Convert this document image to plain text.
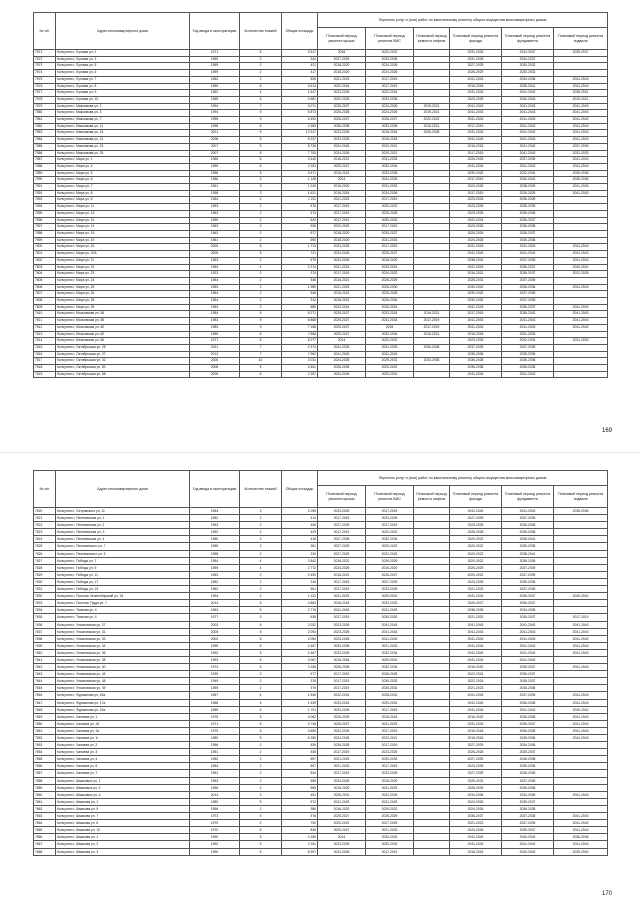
№ п/п	Адрес многоквартирного дома	Год ввода в эксплуатацию	Количество этажей	Общая площадь	Перечень услуг и (или) работ по капитальному ремонту общего имущества многоквартирных домов					
					Плановый период ремонта крыши	Плановый период ремонта ВИС	Плановый период ремонта лифтов	Плановый период ремонта фасада	Плановый период ремонта фундамента	Плановый период ремонта подвала
7571	Колчугино г, Луговая ул, 2	1971	5	3 517	2016	2020-2022		2031-2033	2034-2037	2035-2037
7572	Колчугино г, Луговая ул, 3	1959	2	344	2027-2029	2033-2035		2031-2033	2034-2037	
7573	Колчугино г, Луговая ул, 5	1959	2	421	2018-2020	2024-2026		2027-2029	2030-2032	
7574	Колчугино г, Луговая ул, 6	1959	2	417	2018-2020	2024-2026		2026-2029	2030-2032	
7575	Колчугино г, Луговая ул, 7	1962	2	526	2021-2023	2017-2019		2041-2043	2034-2038	2041-2043
7576	Колчугино г, Луговая ул, 8	1989	5	3 614	2022-2024	2017-2019		2016-2018	2038-2041	2041-2043
7577	Колчугино г, Луговая ул, 9	1962	4	1 547	2023-2025	2022-2024		2041-2043	2041-2043	2038-2041
7578	Колчугино г, Луговая ул, 10	1965	4	2 681	2022-2025	2033-2035		2023-2025	2040-2043	2019-2021
7579	Колчугино г, Максимова ул, 1	1994	7	3 071	2025-2027	2024-2026	2019-2021	2041-2043	2041-2043	2041-2043
7580	Колчугино г, Максимова ул, 3	1994	9	6 873	2026-2028	2024-2026	2019-2021	2041-2043	2041-2043	2041-2043
7581	Колчугино г, Максимова ул, 7	1995	9	4 493	2026-2027	2026-2027	2020-2022	2041-2043	2041-2043	2041-2043
7582	Колчугино г, Максимова ул, 11	1998	9	4 269	2036-2038	2033-2035	2016-2021	2017-2019	2041-2043	2041-2043
7583	Колчугино г, Максимова ул, 15	2001	9	10 317	2023-2025	2016-2018	2026-2028	2041-2043	2041-2043	2041-2043
7584	Колчугино г, Максимова ул, 21	2006	5	5 237	2023-2025	2016-2018		2041-2043	2041-2043	2041-2043
7585	Колчугино г, Максимова ул, 23	2007	5	5 726	2024-2026	2020-2021		2016-2018	2041-2043	2037-2039
7586	Колчугино г, Максимова ул, 25	2007	5	7 705	2024-2026	2020-2021		2017-2019	2041-2043	2031-2033
7587	Колчугино г, Мира ул, 1	1965	5	3 440	2016-2021	2031-2033		2026-2029	2037-2039	2041-2043
7588	Колчугино г, Мира ул, 4	1965	5	3 161	2025-2027	2032-2034		2041-2043	2041-2043	2041-2043
7589	Колчугино г, Мира ул, 5	1958	5	3 671	2016-2021	2033-2035		2030-2032	2032-2034	2035-2036
7590	Колчугино г, Мира ул, 6	1956	2	1 145	2014	2024-2026		2017-2019	2040-2042	2035-2036
7591	Колчугино г, Мира ул, 7	1961	3	1 019	2016-2020	2031-2033		2024-2026	2038-2039	2041-2043
7592	Колчугино г, Мира ул, 8	1958	3	1 621	2016-2018	2024-2026		2017-2019	2026-2029	2041-2043
7593	Колчугино г, Мира ул, 9	1964	2	1 211	2021-2023	2017-2019		2023-2025	2036-2039	
7594	Колчугино г, Мира ул, 11	1963	2	676	2017-2019	2020-2022		2023-2025	2038-2039	
7595	Колчугино г, Мира ул, 13	1963	2	673	2017-2019	2026-2028		2023-2025	2035-2038	
7596	Колчугино г, Мира ул, 14	1959	2	640	2017-2019	2030-2032		2022-2024	2035-2037	
7597	Колчугино г, Мира ул, 14	1963	2	926	2020-2022	2017-2019		2023-2025	2036-2038	
7598	Колчугино г, Мира ул, 15	1962	2	677	2018-2020	2025-2027		2026-2029	2036-2037	
7599	Колчугино г, Мира ул, 19	1961	2	690	2018-2020	2031-2033		2024-2026	2036-2038	
7600	Колчугино г, Мира ул, 20	2000	5	1 713	2023-2025	2017-2019		2041-2043	2041-2043	2041-2043
7601	Колчугино г, Мира ул, 20А	2005	5	721	2024-2026	2026-2027		2041-2043	2041-2043	2041-2043
7602	Колчугино г, Мира ул, 21	1963	2	675	2024-2026	2018-2020		2038-2041	2037-2039	2041-2043
7603	Колчугино г, Мира ул, 22	1964	4	2 374	2021-2023	2029-2031		2041-2043	2036-2037	2040-2042
7604	Колчугино г, Мира ул, 23	1923	2	375	2017-2019	2020-2022		2016-2021	2036-2037	2022-2025
7605	Колчугино г, Мира ул, 24	1964	2	546	2016-2021	2026-2029		2028-2031	2037-2039	
7606	Колчугино г, Мира ул, 25	1963	2	1 989	2021-2023	2026-2030		2040-2042	2035-2036	2041-2043
7607	Колчугино г, Мира ул, 26	1964	2	548	2016-2021	2026-2028		2030-2032	2037-2039	
7608	Колчугино г, Мира ул, 28	1964	2	312	2016-2021	2026-2030		2030-2032	2037-2039	
7609	Колчугино г, Мира ул, 29	1963	2	689	2022-2024	2026-2031		2041-2043	2036-2037	2041-2043
7610	Колчугино г, Московская ул, 56	1984	5	9 271	2025-2027	2023-2024	2016-2021	2017-2019	2036-2042	2041-2043
7611	Колчугино г, Московская ул, 58	1983	9	6 868	2025-2027	2031-2033	2017-2019	2041-2043	2041-2043	2041-2043
7612	Колчугино г, Московская ул, 60	1983	9	7 158	2025-2027	2016	2017-2019	2041-2043	2041-2043	2041-2043
7613	Колчугино г, Московская ул, 62	1985	9	7 868	2025-2027	2032-2034	2016-2021	2016-2018	2031-2033	
7614	Колчугино г, Московская ул, 66	1977	5	6 077	2014	2020-2022		2023-2025	2032-2034	2031-2033
7615	Колчугино г, Октябрьская ул, 25	2011	7	2 374	2024-2026	2031-2033	2036-2038	2037-2039	2037-2039	
7616	Колчугино г, Октябрьская ул, 27	2013	7	7 962	2041-2043	2041-2043		2036-2038	2035-2036	
7617	Колчугино г, Октябрьская ул, 32	2006	10	3 031	2024-2025	2029-2031	2033-2035	2036-2038	2036-2038	
7618	Колчугино г, Октябрьская ул, 50	2008	5	3 461	2026-2028	2020-2022		2036-2038	2036-2038	
7619	Колчугино г, Октябрьская ул, 86	2005	5	2 257	2024-2026	2029-2031		2041-2043	2041-2043	
169
№ п/п	Адрес многоквартирного дома	Год ввода в эксплуатацию	Количество этажей	Общая площадь	Перечень услуг и (или) работ по капитальному ремонту общего имущества многоквартирных домов					
					Плановый период ремонта крыши	Плановый период ремонта ВИС	Плановый период ремонта лифтов	Плановый период ремонта фасада	Плановый период ремонта фундамента	Плановый период ремонта подвала
7620	Колчугино г, Островского ул, 11	1954	2	2 095	2023-2025	2017-2019		2041-2043	2041-2043	2035-2036
7621	Колчугино г, Пелевинская ул, 1	1952	2	414	2017-2019	2023-2025		2027-2029	2037-2039	
7622	Колчугино г, Пелевинская ул, 2	1953	2	406	2027-2029	2017-2019		2023-2025	2036-2038	
7623	Колчугино г, Пелевинская ул, 3	1952	2	429	2017-2019	2020-2022		2026-2028	2036-2038	
7624	Колчугино г, Пелевинская ул, 4	1950	2	416	2027-2028	2032-2034		2020-2022	2038-2041	
7625	Колчугино г, Пелевинского ул, 7	1955	2	381	2027-2029	2020-2022		2020-2022	2036-2038	
7626	Колчугино г, Пелевинского ул, 9	1958	2	230	2027-2029	2022-2024		2020-2022	2038-2041	
7627	Колчугино г, Победы ул, 7	1954	4	2 842	2016-2021	2026-2029		2020-2022	2036-2038	
7628	Колчугино г, Победы ул, 9	1959	4	2 772	2024-2026	2016-2020		2026-2029	2037-2039	
7629	Колчугино г, Победы ул, 11	1963	2	2 490	2016-2021	2026-2027		2020-2022	2037-2039	
7630	Колчугино г, Победы ул, 17	1962	2	316	2017-2019	2027-2029		2023-2025	2036-2038	
7631	Колчугино г, Победы ул, 19	1962	2	561	2017-2019	2023-2025		2021-2023	2037-2039	
7632	Колчугино г, Поселок Зеленобарский ул, 16	1994	2	1 122	2021-2023	2029-2031		2041-2043	2036-2037	2040-2042
7633	Колчугино г, Поселок Труда ул, 7	2014	5	4 863	2016-2018	2033-2032		2026-2027	2036-2037	
7634	Колчугино г, Танкова ул, 4	1963	5	2 776	2041-2043	2041-2043		2038-2039	2034-2035	
7635	Колчугино г, Танкова ул, 4	1977	3	638	2017-2019	2030-2032		2021-2023	2035-2037	2017-2019
7636	Колчугино г, Ульяновская ул, 27	2003	5	2 032	2023-2025	2041-2043		2041-2043	2041-2043	2041-2043
7637	Колчугино г, Ульяновская ул, 31	2005	5	2 093	2023-2025	2041-2043		2041-2043	2041-2043	2041-2043
7638	Колчугино г, Ульяновская ул, 33	2002	5	2 054	2023-2025	2041-2043		2041-2043	2041-2043	2041-2043
7639	Колчугино г, Ульяновская ул, 34	1995	5	2 487	2033-2035	2021-2023		2041-2043	2041-2043	2041-2043
7640	Колчугино г, Ульяновская ул, 35	1992	5	2 487	2023-2025	2032-2034		2041-2043	2041-2043	2041-2043
7641	Колчугино г, Ульяновская ул, 38	1993	5	3 067	2016-2018	2029-2031		2041-2043	2041-2043	
7642	Колчугино г, Ульяновская ул, 40	1974	4	3 155	2026-2028	2032-2034		2016-2020	2035-2037	2041-2043
7643	Колчугино г, Ульяновская ул, 44	1939	2	677	2017-2019	2026-2028		2022-2024	2036-2037	
7644	Колчугино г, Ульяновская ул, 48	1949	2	376	2017-2019	2030-2032		2022-2024	2035-2037	
7645	Колчугино г, Ульяновская ул, 49	1959	2	379	2017-2019	2030-2032		2021-2023	2036-2038	
7646	Колчугино г, Фурманова ул, 15а	1967	4	1 546	2022-2024	2028-2031		2041-2043	2037-2039	2041-2043
7647	Колчугино г, Фурманова ул, 17а	1968	4	1 539	2023-2024	2029-2031		2041-2043	2036-2038	2041-2043
7648	Колчугино г, Фурманова ул, 19а	1955	4	1 701	2023-2025	2017-2019		2041-2043	2041-2043	2040-2042
7649	Колчугино г, Чапаева ул, 1	1975	5	4 062	2026-2029	2016-2018		2016-2020	2036-2038	2041-2043
7650	Колчугино г, Чапаева ул, 1б	1971	5	3 748	2025-2027	2021-2023		2031-2033	2035-2037	2041-2043
7651	Колчугино г, Чапаева ул, 1в	1975	5	3 890	2024-2026	2017-2019		2016-2018	2036-2038	2041-2043
7652	Колчугино г, Чапаева ул, 1г	1980	5	6 280	2024-2026	2020-2021		2016-2018	2035-2036	2041-2043
7653	Колчугино г, Чапаева ул, 2	1956	2	539	2026-2028	2017-2019		2027-2029	2034-2036	
7654	Колчугино г, Чапаева ул, 3	1951	2	535	2017-2019	2023-2025		2026-2028	2035-2037	
7655	Колчугино г, Чапаева ул, 4	1952	2	697	2021-2023	2030-2032		2027-2029	2036-2038	
7656	Колчугино г, Чапаева ул, 5	1954	2	697	2021-2023	2017-2019		2023-2025	2036-2038	
7657	Колчугино г, Чапаева ул, 7	1951	2	834	2017-2019	2023-2025		2027-2029	2038-2039	
7658	Колчугино г, Шмаковых ул, 1	1953	2	555	2024-2026	2016-2020		2026-2031	2037-2039	
7659	Колчугино г, Шмаковых ул, 2	1956	2	555	2016-2020	2021-2023		2026-2029	2036-2038	
7660	Колчугино г, Шмаковых ул, 4	2014	3	451	2026-2031	2024-2026		2034-2036	2034-2036	2041-2043
7661	Колчугино г, Шмакова ул, 1	1980	5	572	2041-2043	2041-2043		2024-2026	2035-2037	
7662	Колчугино г, Шмакова ул, 5	1956	2	386	2016-2023	2020-2022		2024-2026	2036-2038	
7663	Колчугино г, Шмакова ул, 7	1973	5	576	2025-2027	2026-2029		2036-2037	2037-2038	2041-2043
7664	Колчугино г, Шмакова ул, 8	1970	2	790	2020-2022	2027-2029		2021-2023	2037-2039	2041-2043
7665	Колчугино г, Шмакова ул, 10	1970	5	845	2025-2027	2021-2023		2024-2026	2035-2037	2041-2043
7666	Колчугино г, Шмакова ул, 1	1990	5	4 189	2014	2030-2032		2041-2043	2040-2043	2036-2038
7667	Колчугино г, Шмакова ул, 2	1992	9	3 161	2023-2025	2030-2032		2041-2043	2041-2043	2041-2043
7668	Колчугино г, Шмакова ул, 3	1990	5	8 397	2024-2026	2017-2019		2016-2018	2040-2043	2035-2040
170
